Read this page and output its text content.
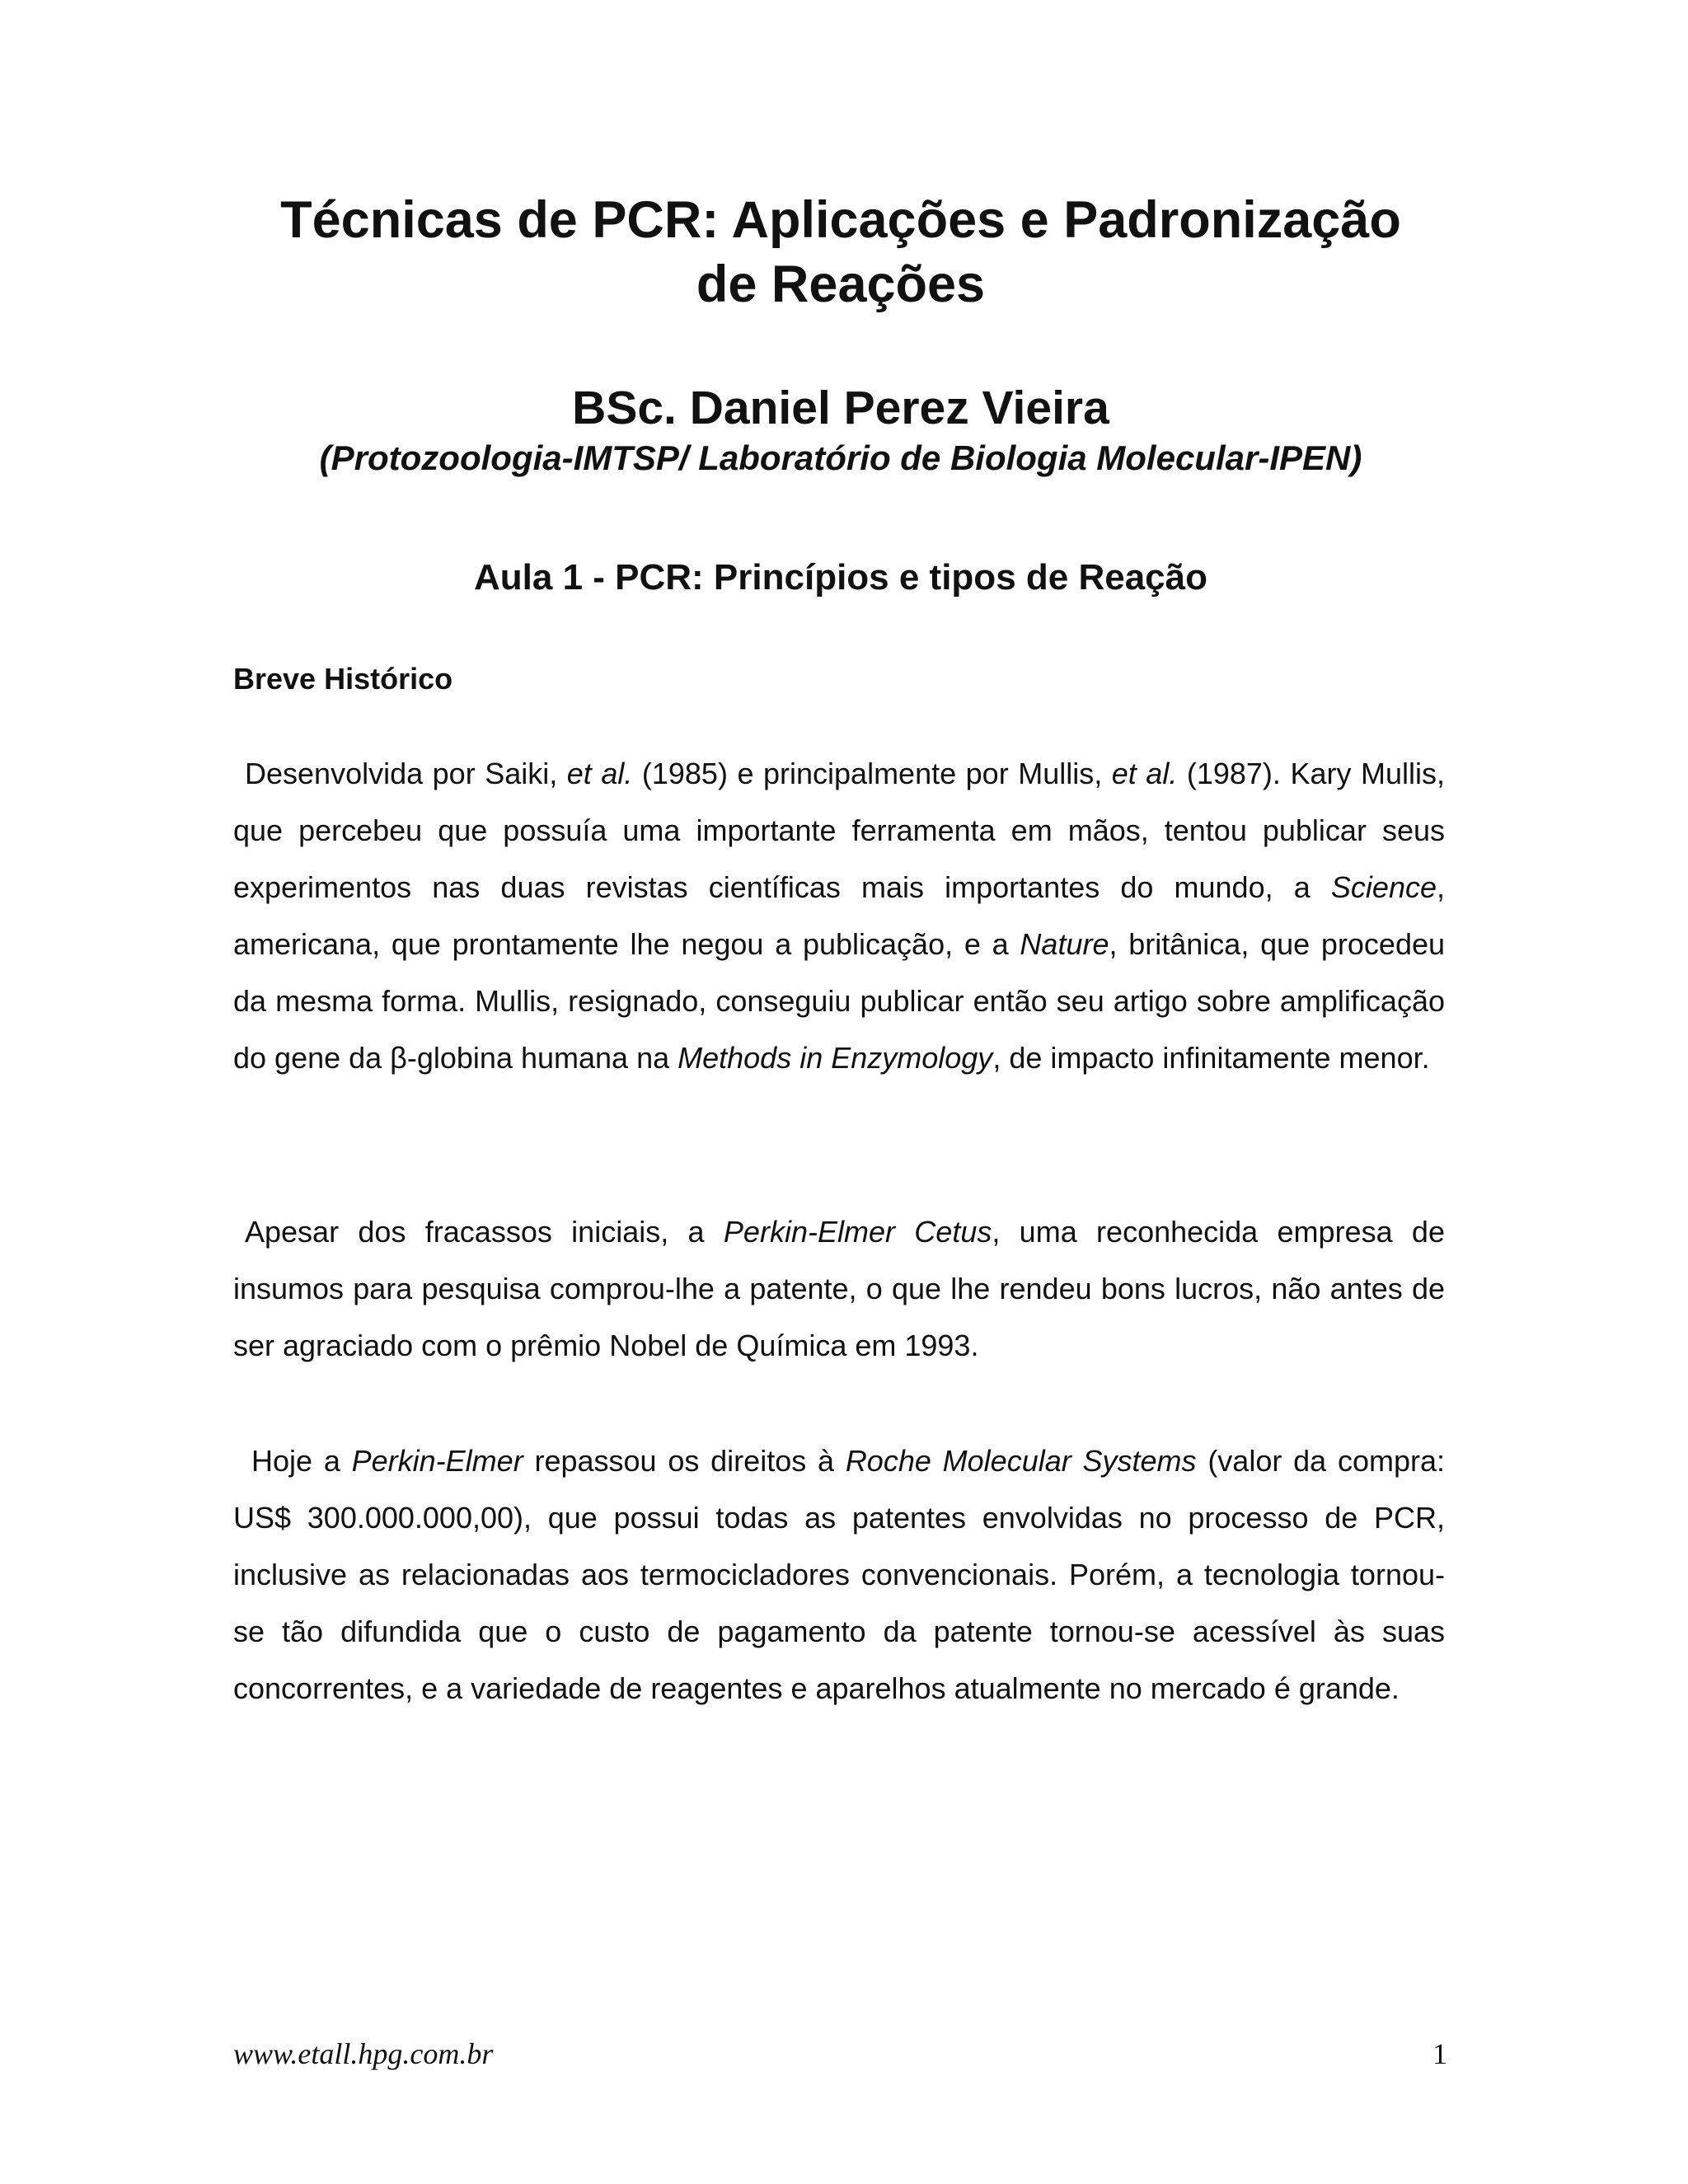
Técnicas de PCR: Aplicações e Padronização
de Reações
BSc. Daniel Perez Vieira

(Protozoologia-IMTSP/ Laboratório de Biologia Molecular-IPEN)

Aula 1 - PCR: Princípios e tipos de Reação
Breve Histórico

Desenvolvida por Saiki, et al. (1985) e principalmente por Mullis, et al. (1987). Kary Mullis, que percebeu que possuía uma importante ferramenta em mãos, tentou publicar seus experimentos nas duas revistas científicas mais importantes do mundo, a Science, americana, que prontamente lhe negou a publicação, e a Nature, britânica, que procedeu da mesma forma. Mullis, resignado, conseguiu publicar então seu artigo sobre amplificação do gene da β-globina humana na Methods in Enzymology, de impacto infinitamente menor.

Apesar dos fracassos iniciais, a Perkin-Elmer Cetus, uma reconhecida empresa de insumos para pesquisa comprou-lhe a patente, o que lhe rendeu bons lucros, não antes de ser agraciado com o prêmio Nobel de Química em 1993.

Hoje a Perkin-Elmer repassou os direitos à Roche Molecular Systems (valor da compra: US$ 300.000.000,00), que possui todas as patentes envolvidas no processo de PCR, inclusive as relacionadas aos termocicladores convencionais. Porém, a tecnologia tornou-se tão difundida que o custo de pagamento da patente tornou-se acessível às suas concorrentes, e a variedade de reagentes e aparelhos atualmente no mercado é grande.

www.etall.hpg.com.br	1
